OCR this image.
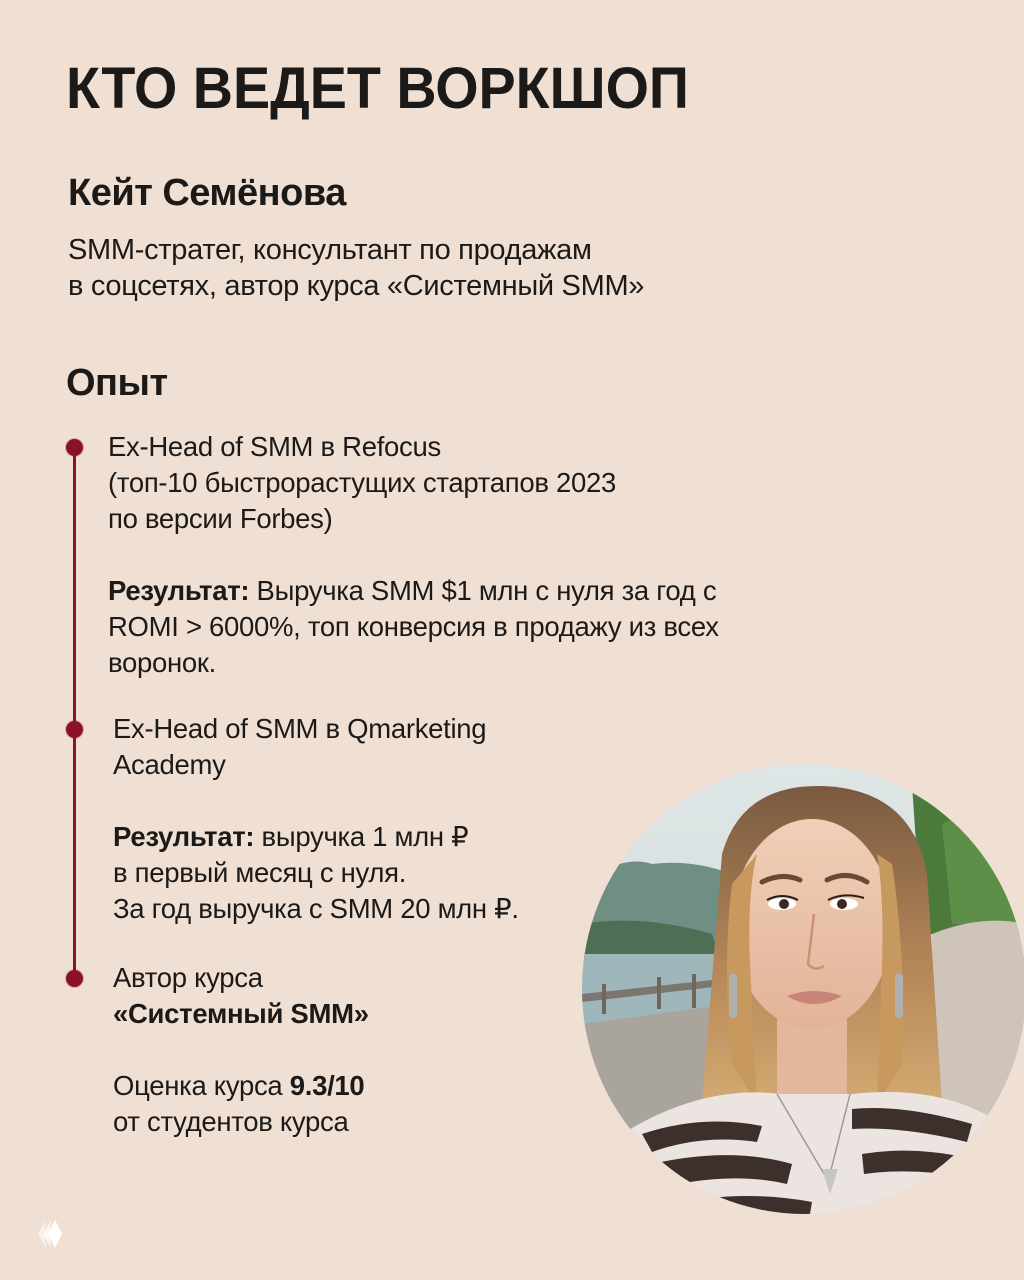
КТО ВЕДЕТ ВОРКШОП
Кейт Семёнова

SMM-стратег, консультант по продажам
в соцсетях, автор курса «Системный SMM»

Опыт
Ex-Head of SMM в Refocus
(топ-10 быстрорастущих стартапов 2023
по версии Forbes)
Результат: Выручка SMM $1 млн с нуля за год с
ROMI > 6000%, топ конверсия в продажу из всех
воронок.
Ex-Head of SMM в Qmarketing
Academy
Результат: выручка 1 млн ₽
в первый месяц с нуля.
За год выручка с SMM 20 млн ₽.
Автор курса
«Системный SMM»
Оценка курса 9.3/10
от студентов курса
